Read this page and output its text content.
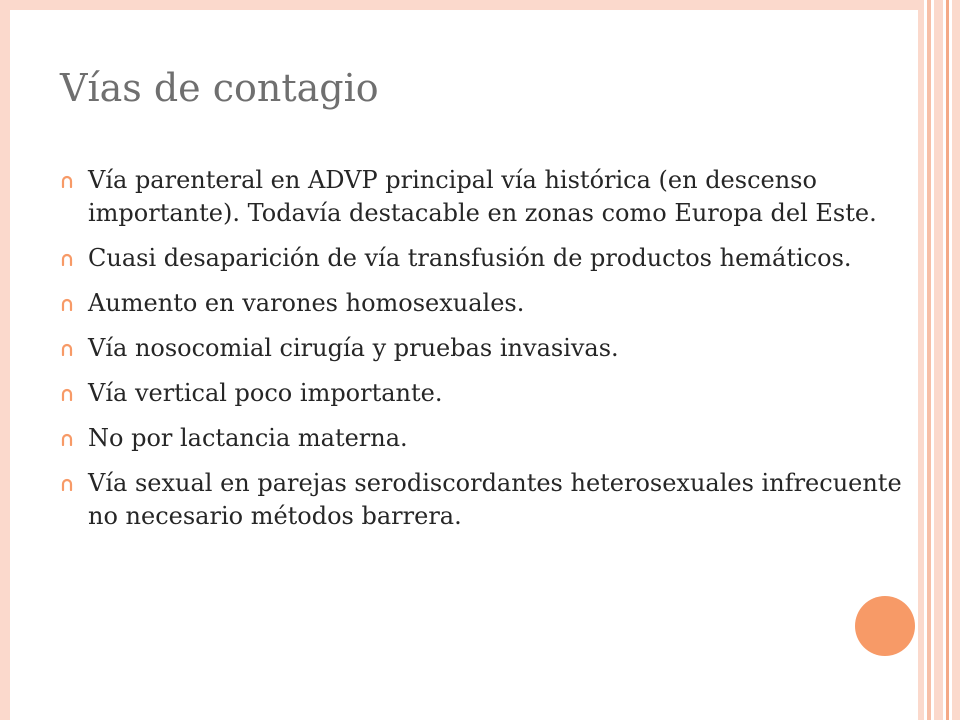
Vías de contagio
Vía parenteral en ADVP principal vía histórica (en descenso importante). Todavía destacable en zonas como Europa del Este.
Cuasi desaparición de vía transfusión de productos hemáticos.
Aumento en varones homosexuales.
Vía nosocomial cirugía y pruebas invasivas.
Vía vertical poco importante.
No por lactancia materna.
Vía sexual en parejas serodiscordantes heterosexuales infrecuente no necesario métodos barrera.
